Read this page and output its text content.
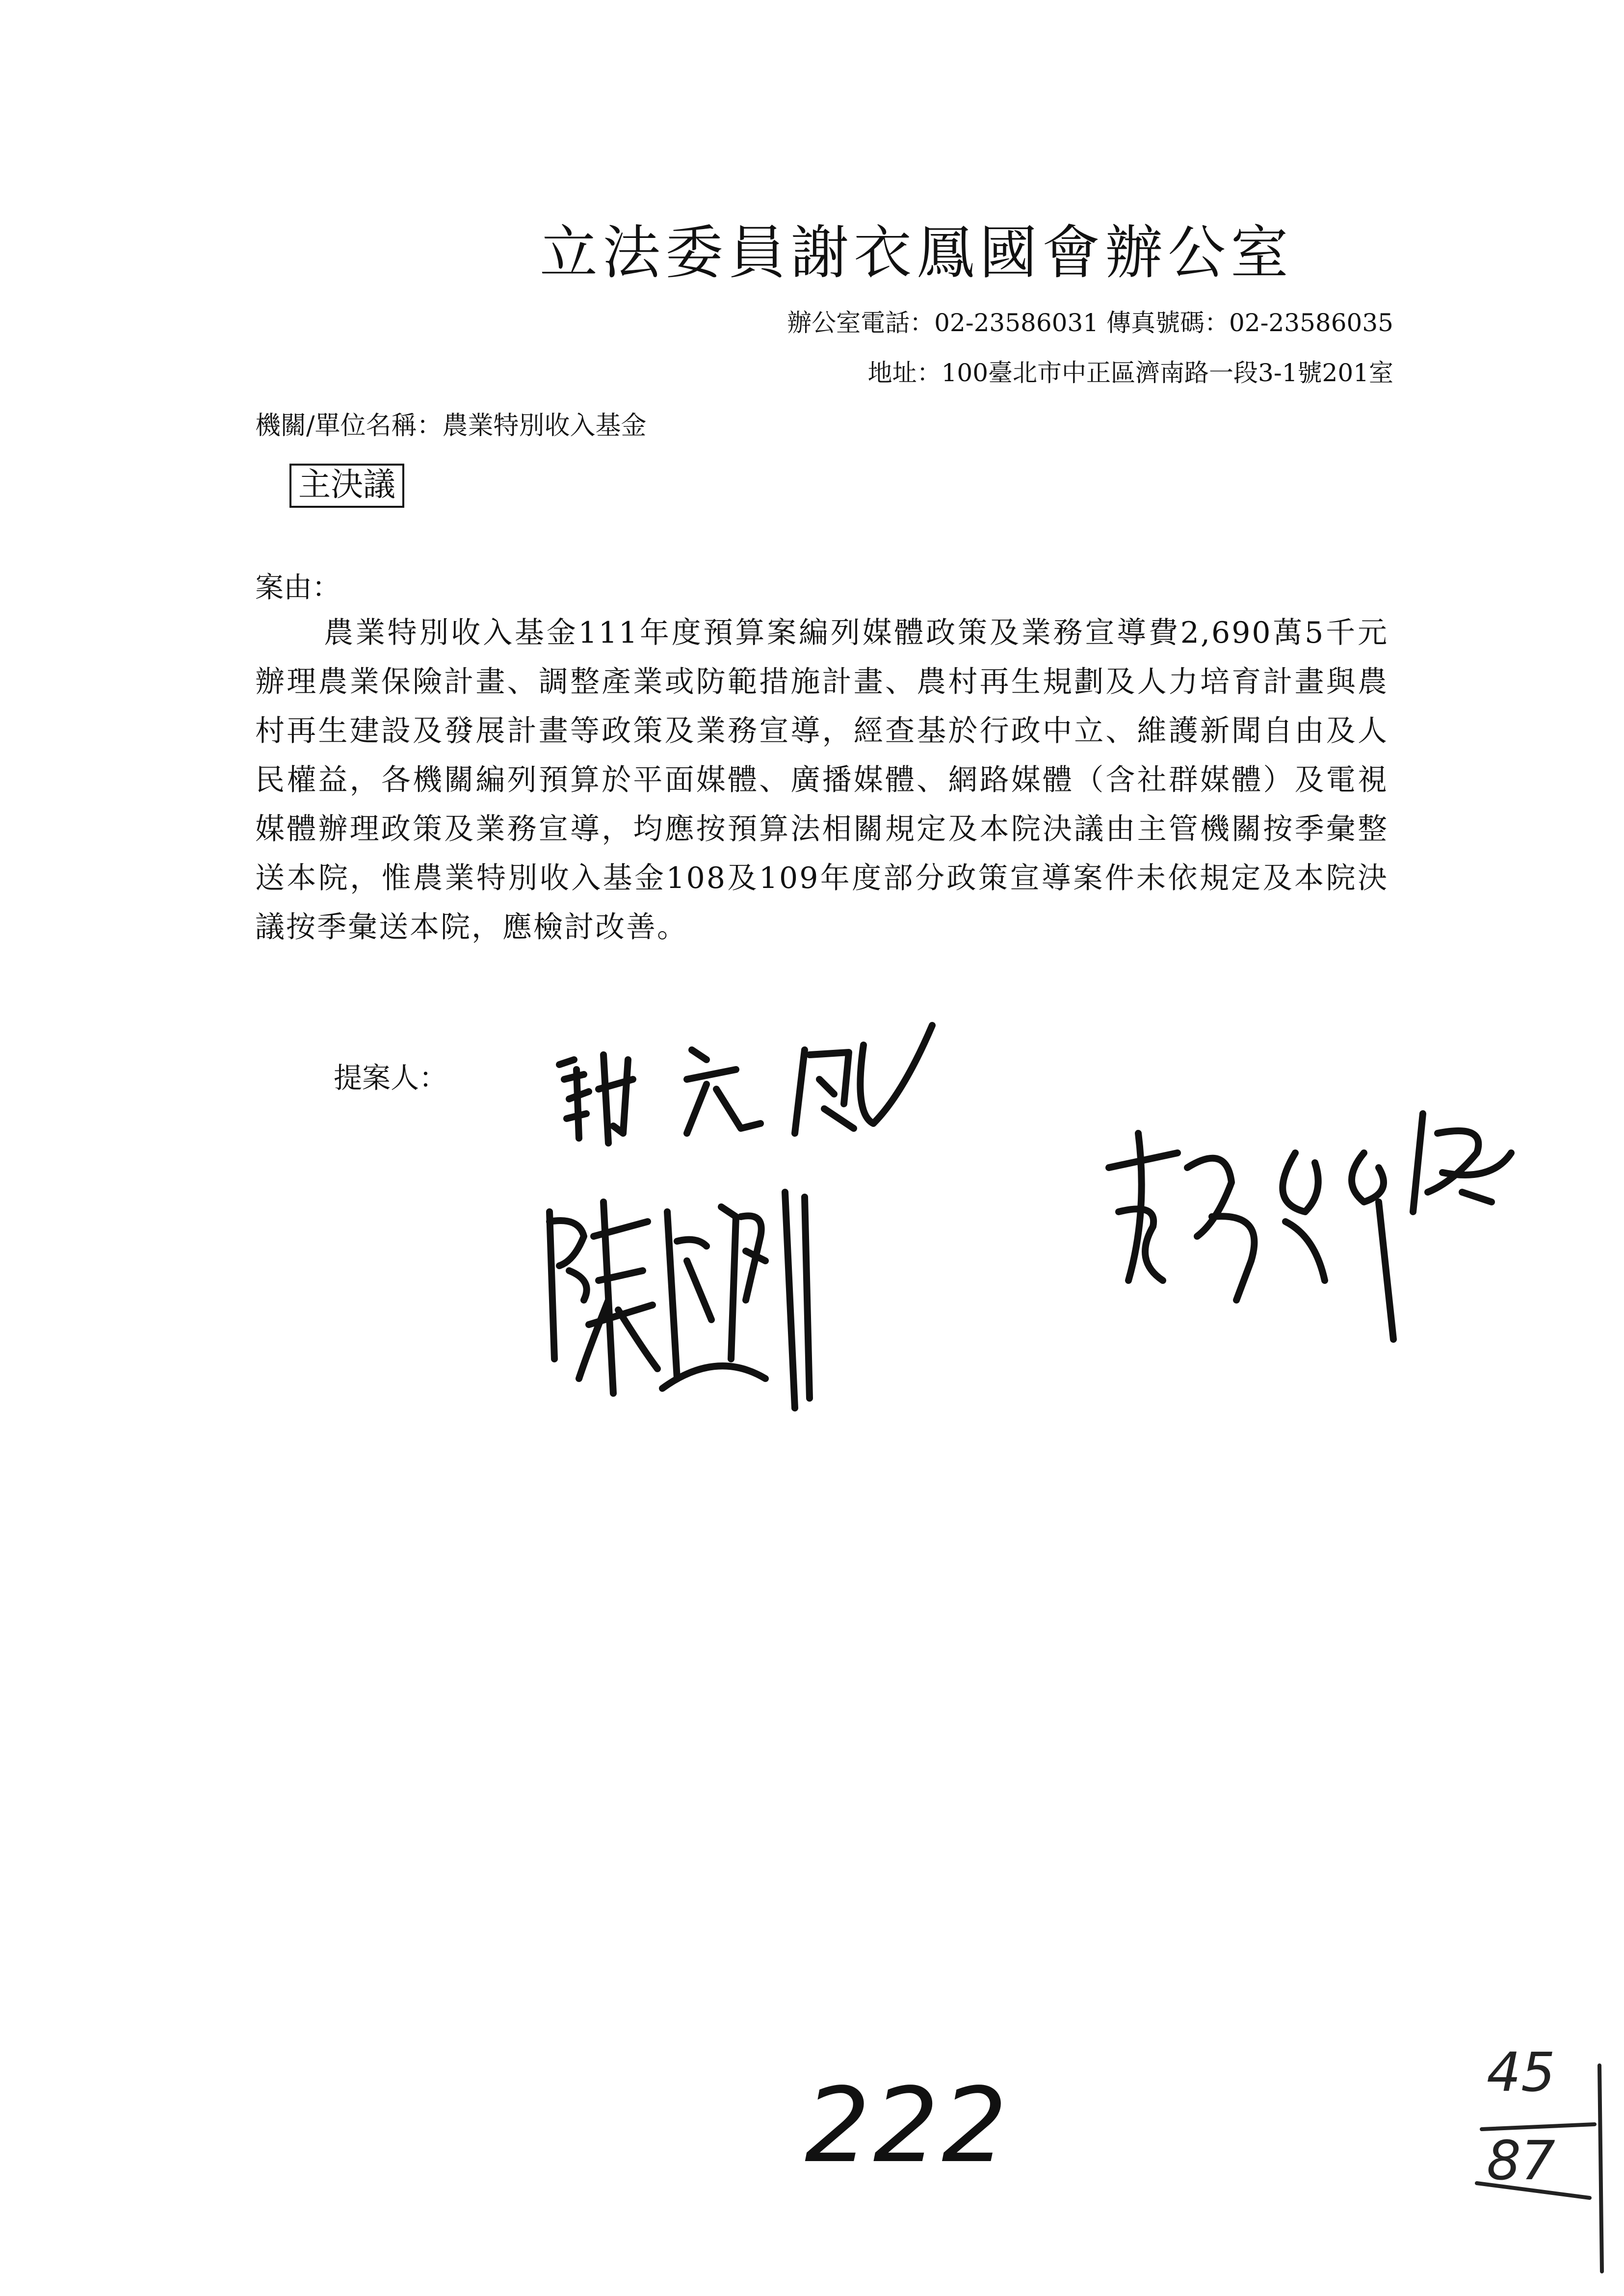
立法委員謝衣鳳國會辦公室
辦公室電話：02-23586031 傳真號碼：02-23586035
地址：100臺北市中正區濟南路一段3-1號201室
機關/單位名稱：農業特別收入基金
主決議
案由：
農業特別收入基金111年度預算案編列媒體政策及業務宣導費2,690萬5千元辦理農業保險計畫、調整產業或防範措施計畫、農村再生規劃及人力培育計畫與農村再生建設及發展計畫等政策及業務宣導，經查基於行政中立、維護新聞自由及人民權益，各機關編列預算於平面媒體、廣播媒體、網路媒體（含社群媒體）及電視媒體辦理政策及業務宣導，均應按預算法相關規定及本院決議由主管機關按季彙整送本院，惟農業特別收入基金108及109年度部分政策宣導案件未依規定及本院決議按季彙送本院，應檢討改善。
提案人：
222	45
87
